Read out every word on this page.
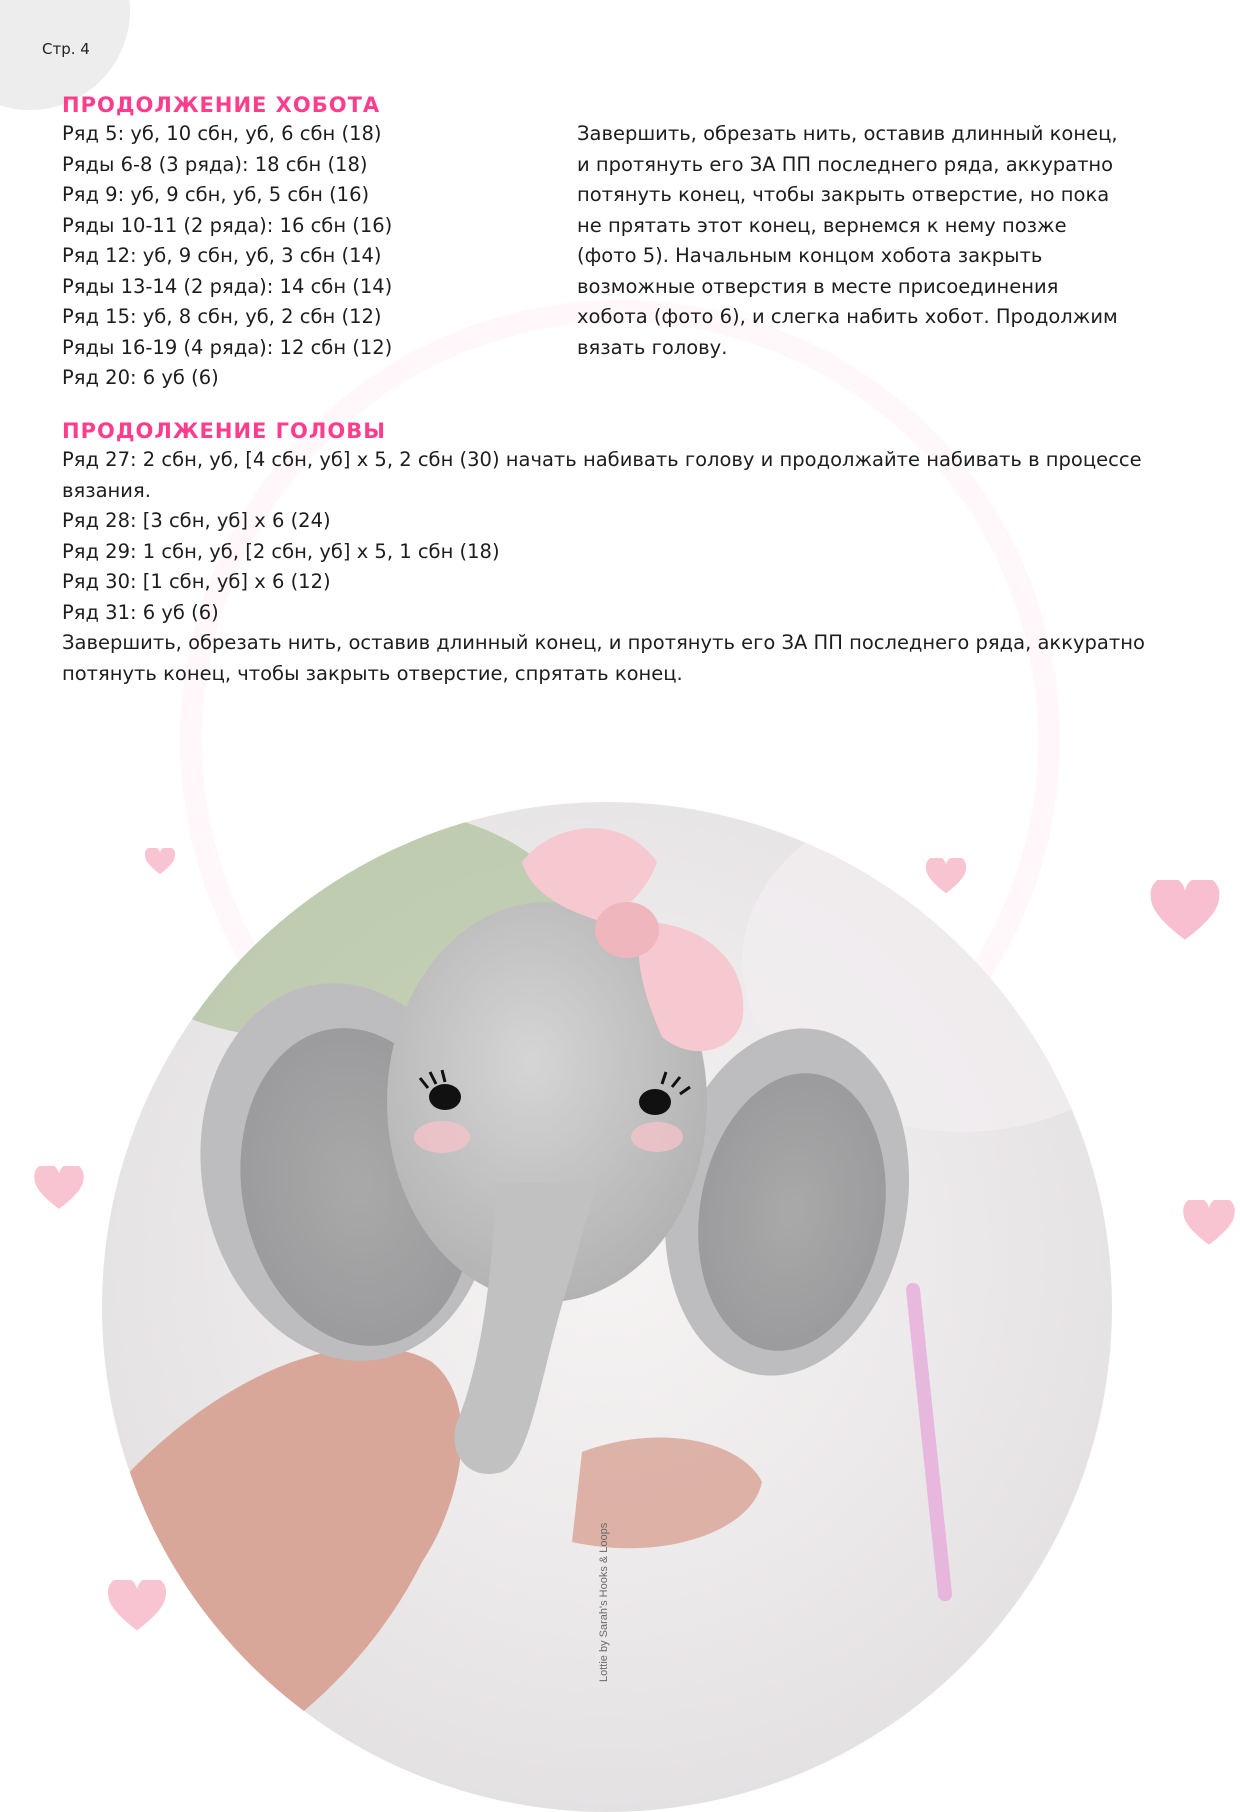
Стр. 4
ПРОДОЛЖЕНИЕ ХОБОТА
Ряд 5: уб, 10 сбн, уб, 6 сбн (18)
Ряды 6-8 (3 ряда): 18 сбн (18)
Ряд 9: уб, 9 сбн, уб, 5 сбн (16)
Ряды 10-11 (2 ряда): 16 сбн (16)
Ряд 12: уб, 9 сбн, уб, 3 сбн (14)
Ряды 13-14 (2 ряда): 14 сбн (14)
Ряд 15: уб, 8 сбн, уб, 2 сбн (12)
Ряды 16-19 (4 ряда): 12 сбн (12)
Ряд 20: 6 уб (6)
Завершить, обрезать нить, оставив длинный конец,
и протянуть его ЗА ПП последнего ряда, аккуратно
потянуть конец, чтобы закрыть отверстие, но пока
не прятать этот конец, вернемся к нему позже
(фото 5). Начальным концом хобота закрыть
возможные отверстия в месте присоединения
хобота (фото 6), и слегка набить хобот. Продолжим
вязать голову.
ПРОДОЛЖЕНИЕ ГОЛОВЫ
Ряд 27: 2 сбн, уб, [4 сбн, уб] х 5, 2 сбн (30) начать набивать голову и продолжайте набивать в процессе
вязания.
Ряд 28: [3 сбн, уб] х 6 (24)
Ряд 29: 1 сбн, уб, [2 сбн, уб] х 5, 1 сбн (18)
Ряд 30: [1 сбн, уб] х 6 (12)
Ряд 31: 6 уб (6)
Завершить, обрезать нить, оставив длинный конец, и протянуть его ЗА ПП последнего ряда, аккуратно
потянуть конец, чтобы закрыть отверстие, спрятать конец.
Lottie by Sarah's Hooks & Loops
